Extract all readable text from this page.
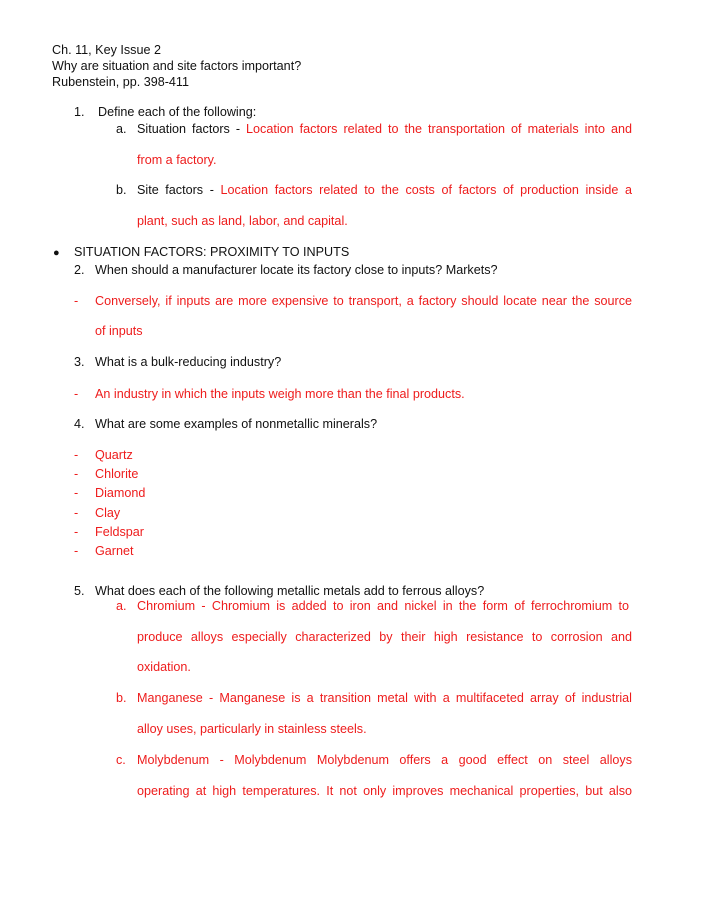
Ch. 11, Key Issue 2
Why are situation and site factors important?
Rubenstein, pp. 398-411
1. Define each of the following:
a. Situation factors - Location factors related to the transportation of materials into and
from a factory.
b. Site factors - Location factors related to the costs of factors of production inside a
plant, such as land, labor, and capital.
● SITUATION FACTORS: PROXIMITY TO INPUTS
2. When should a manufacturer locate its factory close to inputs? Markets?
- Conversely, if inputs are more expensive to transport, a factory should locate near the source
of inputs
3. What is a bulk-reducing industry?
- An industry in which the inputs weigh more than the final products.
4. What are some examples of nonmetallic minerals?
- Quartz
- Chlorite
- Diamond
- Clay
- Feldspar
- Garnet
5. What does each of the following metallic metals add to ferrous alloys?
a. Chromium - Chromium is added to iron and nickel in the form of ferrochromium to
produce alloys especially characterized by their high resistance to corrosion and
oxidation.
b. Manganese - Manganese is a transition metal with a multifaceted array of industrial
alloy uses, particularly in stainless steels.
c. Molybdenum - Molybdenum Molybdenum offers a good effect on steel alloys
operating at high temperatures. It not only improves mechanical properties, but also
